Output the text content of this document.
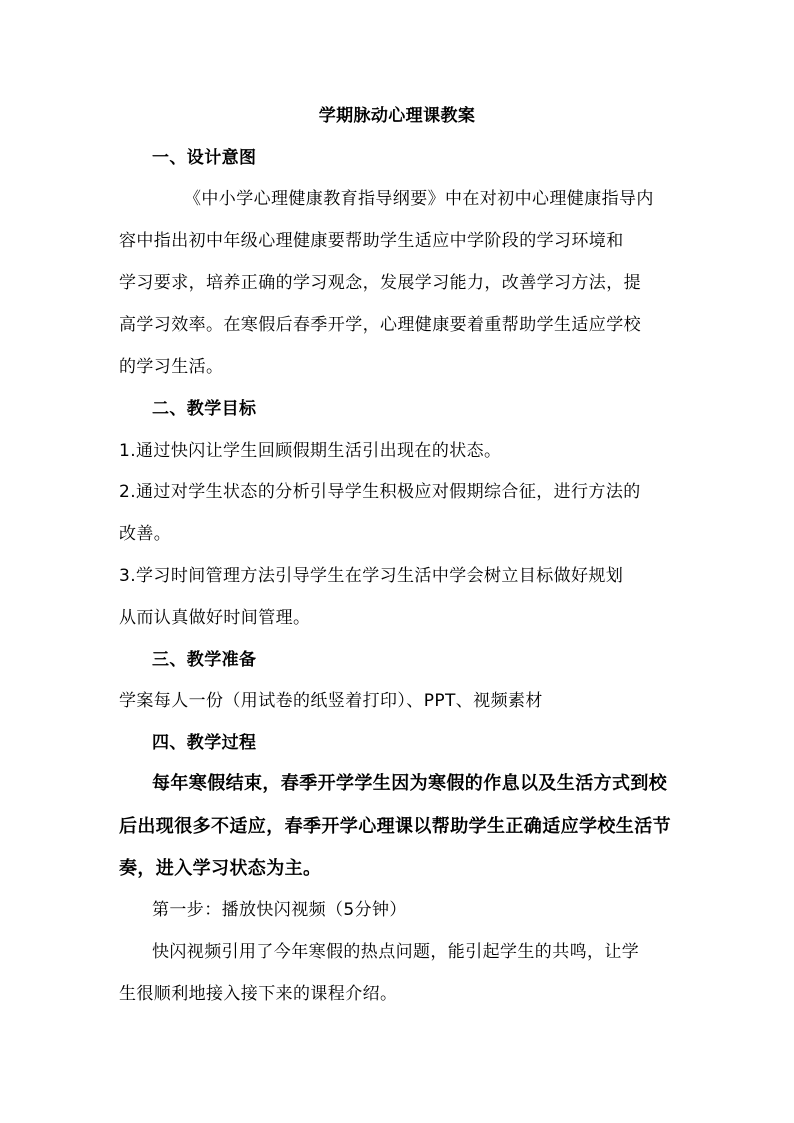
学期脉动心理课教案
一、设计意图
《中小学心理健康教育指导纲要》中在对初中心理健康指导内
容中指出初中年级心理健康要帮助学生适应中学阶段的学习环境和
学习要求，培养正确的学习观念，发展学习能力，改善学习方法，提
高学习效率。在寒假后春季开学，心理健康要着重帮助学生适应学校
的学习生活。
二、教学目标
1.通过快闪让学生回顾假期生活引出现在的状态。
2.通过对学生状态的分析引导学生积极应对假期综合征，进行方法的
改善。
3.学习时间管理方法引导学生在学习生活中学会树立目标做好规划
从而认真做好时间管理。
三、教学准备
学案每人一份（用试卷的纸竖着打印）、PPT、视频素材
四、教学过程
每年寒假结束，春季开学学生因为寒假的作息以及生活方式到校
后出现很多不适应，春季开学心理课以帮助学生正确适应学校生活节
奏，进入学习状态为主。
第一步：播放快闪视频（5分钟）
快闪视频引用了今年寒假的热点问题，能引起学生的共鸣，让学
生很顺利地接入接下来的课程介绍。
